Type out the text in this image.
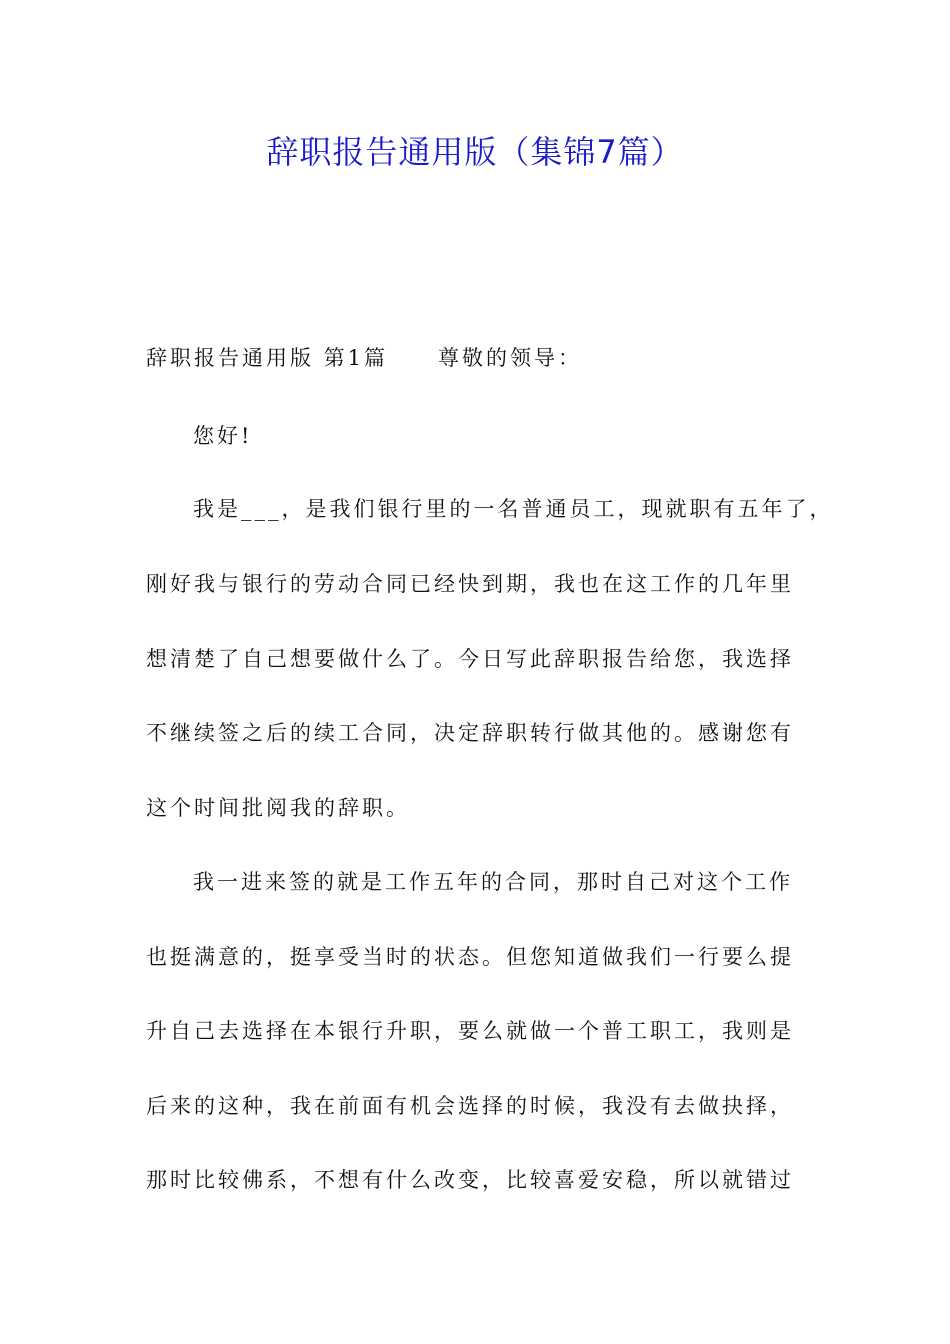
辞职报告通用版（集锦7篇）

辞职报告通用版 第1篇 尊敬的领导：

您好!

我是___，是我们银行里的一名普通员工，现就职有五年了，

刚好我与银行的劳动合同已经快到期，我也在这工作的几年里

想清楚了自己想要做什么了。今日写此辞职报告给您，我选择

不继续签之后的续工合同，决定辞职转行做其他的。感谢您有

这个时间批阅我的辞职。

我一进来签的就是工作五年的合同，那时自己对这个工作

也挺满意的，挺享受当时的状态。但您知道做我们一行要么提

升自己去选择在本银行升职，要么就做一个普工职工，我则是

后来的这种，我在前面有机会选择的时候，我没有去做抉择，

那时比较佛系，不想有什么改变，比较喜爱安稳，所以就错过
